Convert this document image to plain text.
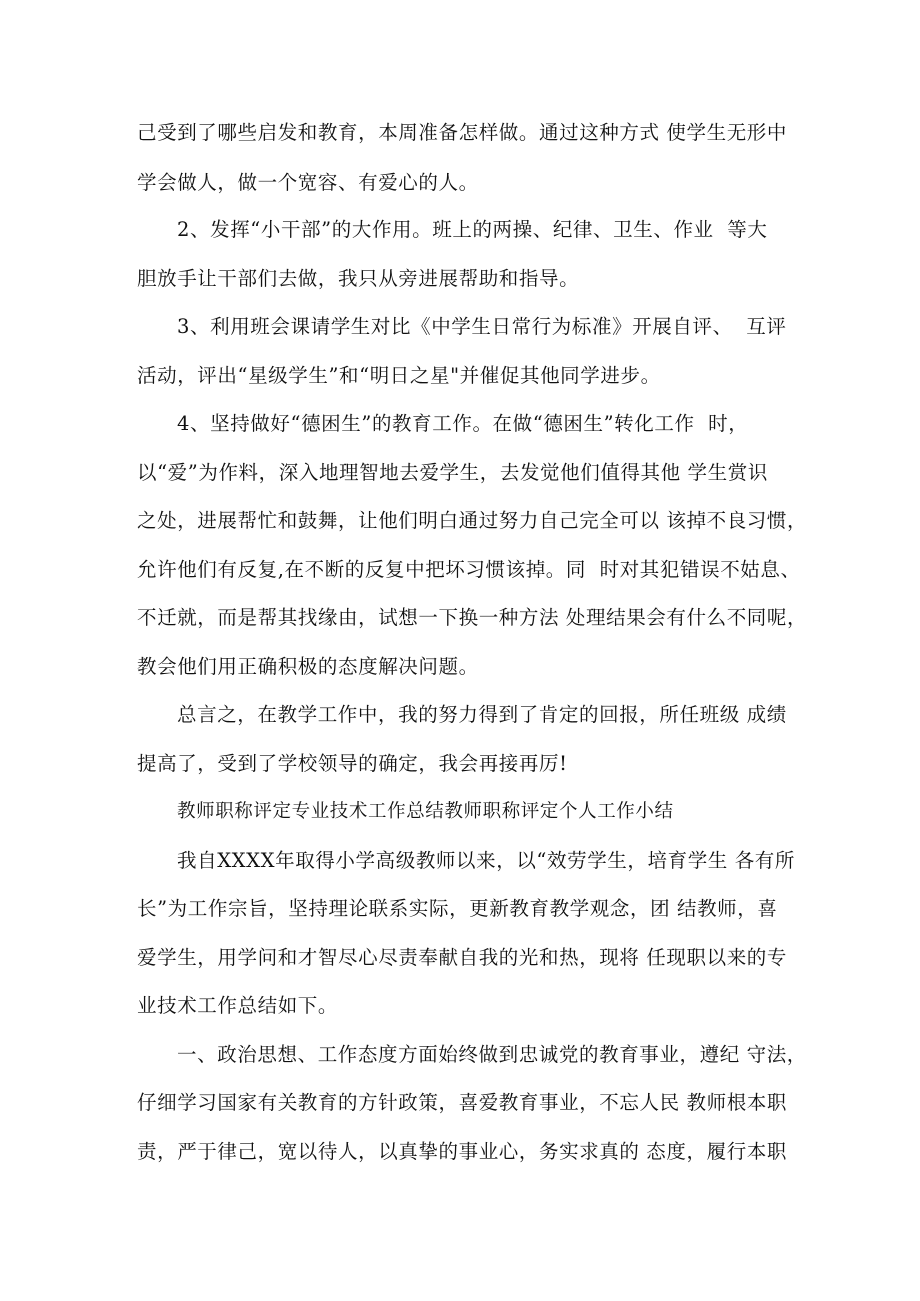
己受到了哪些启发和教育，本周准备怎样做。通过这种方式 使学生无形中
学会做人，做一个宽容、有爱心的人。
2、发挥“小干部”的大作用。班上的两操、纪律、卫生、作业  等大
胆放手让干部们去做，我只从旁进展帮助和指导。
3、利用班会课请学生对比《中学生日常行为标准》开展自评、  互评
活动，评出“星级学生”和“明日之星"并催促其他同学进步。
4、坚持做好“德困生”的教育工作。在做“德困生”转化工作  时，
以“爱”为作料，深入地理智地去爱学生，去发觉他们值得其他 学生赏识
之处，进展帮忙和鼓舞，让他们明白通过努力自己完全可以 该掉不良习惯，
允许他们有反复,在不断的反复中把坏习惯该掉。同  时对其犯错误不姑息、
不迁就，而是帮其找缘由，试想一下换一种方法 处理结果会有什么不同呢，
教会他们用正确积极的态度解决问题。
总言之，在教学工作中，我的努力得到了肯定的回报，所任班级 成绩
提高了，受到了学校领导的确定，我会再接再厉!
教师职称评定专业技术工作总结教师职称评定个人工作小结
我自XXXX年取得小学高级教师以来，以“效劳学生，培育学生 各有所
长”为工作宗旨，坚持理论联系实际，更新教育教学观念，团 结教师，喜
爱学生，用学问和才智尽心尽责奉献自我的光和热，现将 任现职以来的专
业技术工作总结如下。
一、政治思想、工作态度方面始终做到忠诚党的教育事业，遵纪 守法，
仔细学习国家有关教育的方针政策，喜爱教育事业，不忘人民 教师根本职
责，严于律己，宽以待人，以真挚的事业心，务实求真的 态度，履行本职
